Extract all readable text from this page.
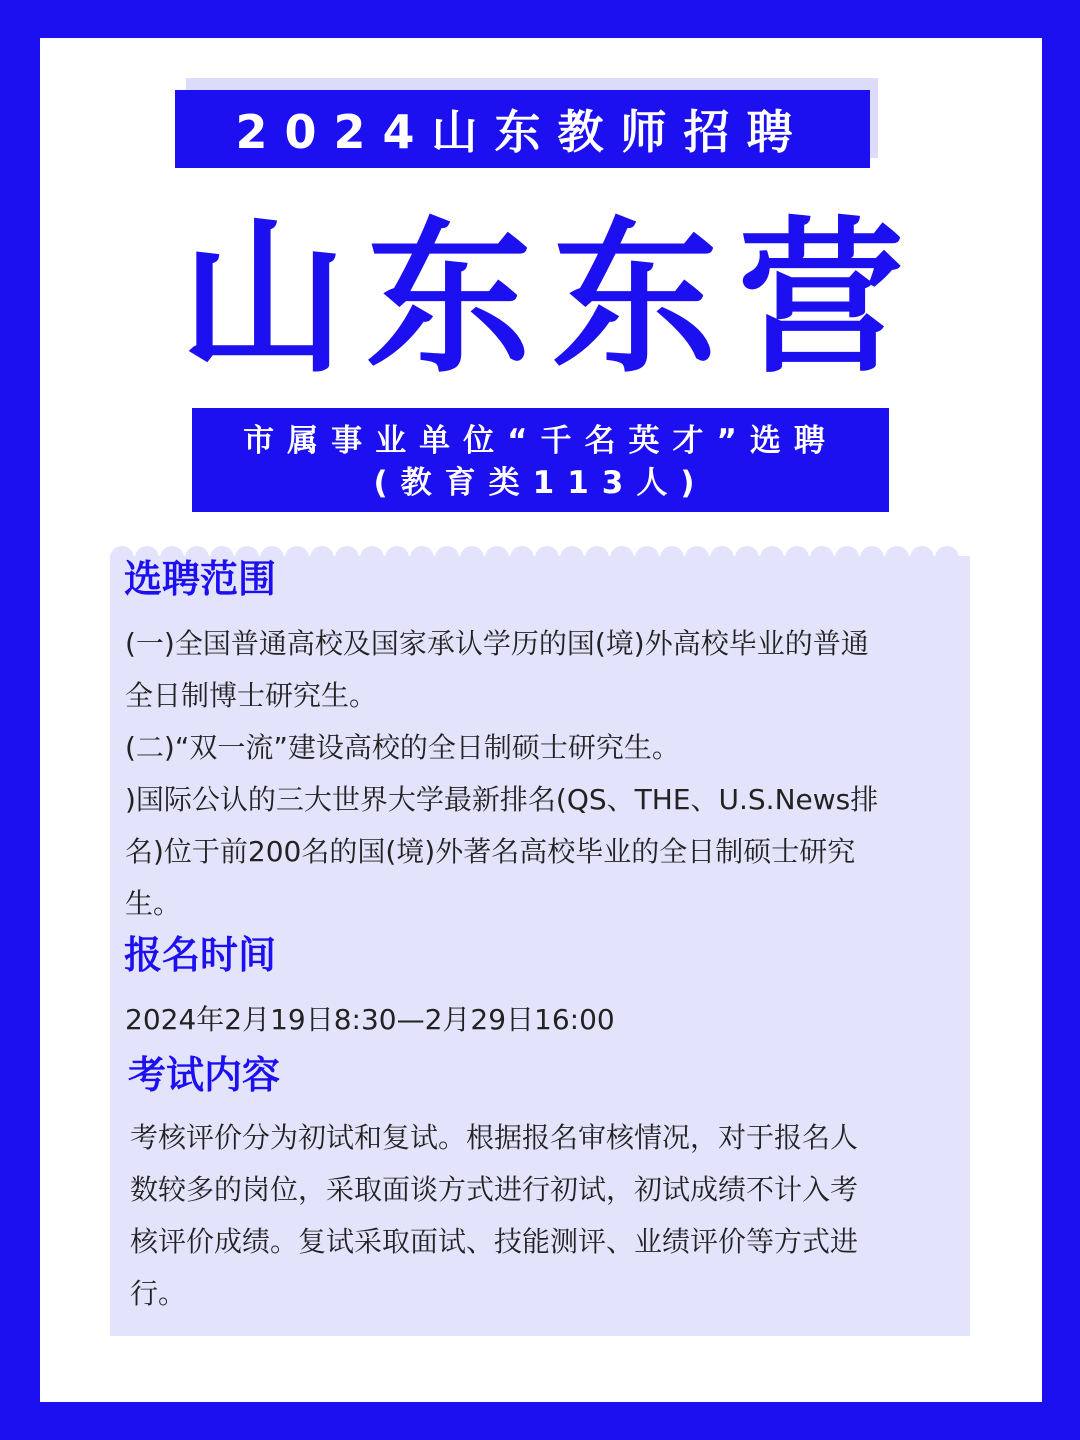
2024山东教师招聘
山东东营
市属事业单位“千名英才”选聘
(教育类113人)
选聘范围
(一)全国普通高校及国家承认学历的国(境)外高校毕业的普通
全日制博士研究生。
(二)“双一流”建设高校的全日制硕士研究生。
)国际公认的三大世界大学最新排名(QS、THE、U.S.News排
名)位于前200名的国(境)外著名高校毕业的全日制硕士研究
生。
报名时间
2024年2月19日8:30—2月29日16:00
考试内容
考核评价分为初试和复试。根据报名审核情况，对于报名人
数较多的岗位，采取面谈方式进行初试，初试成绩不计入考
核评价成绩。复试采取面试、技能测评、业绩评价等方式进
行。
